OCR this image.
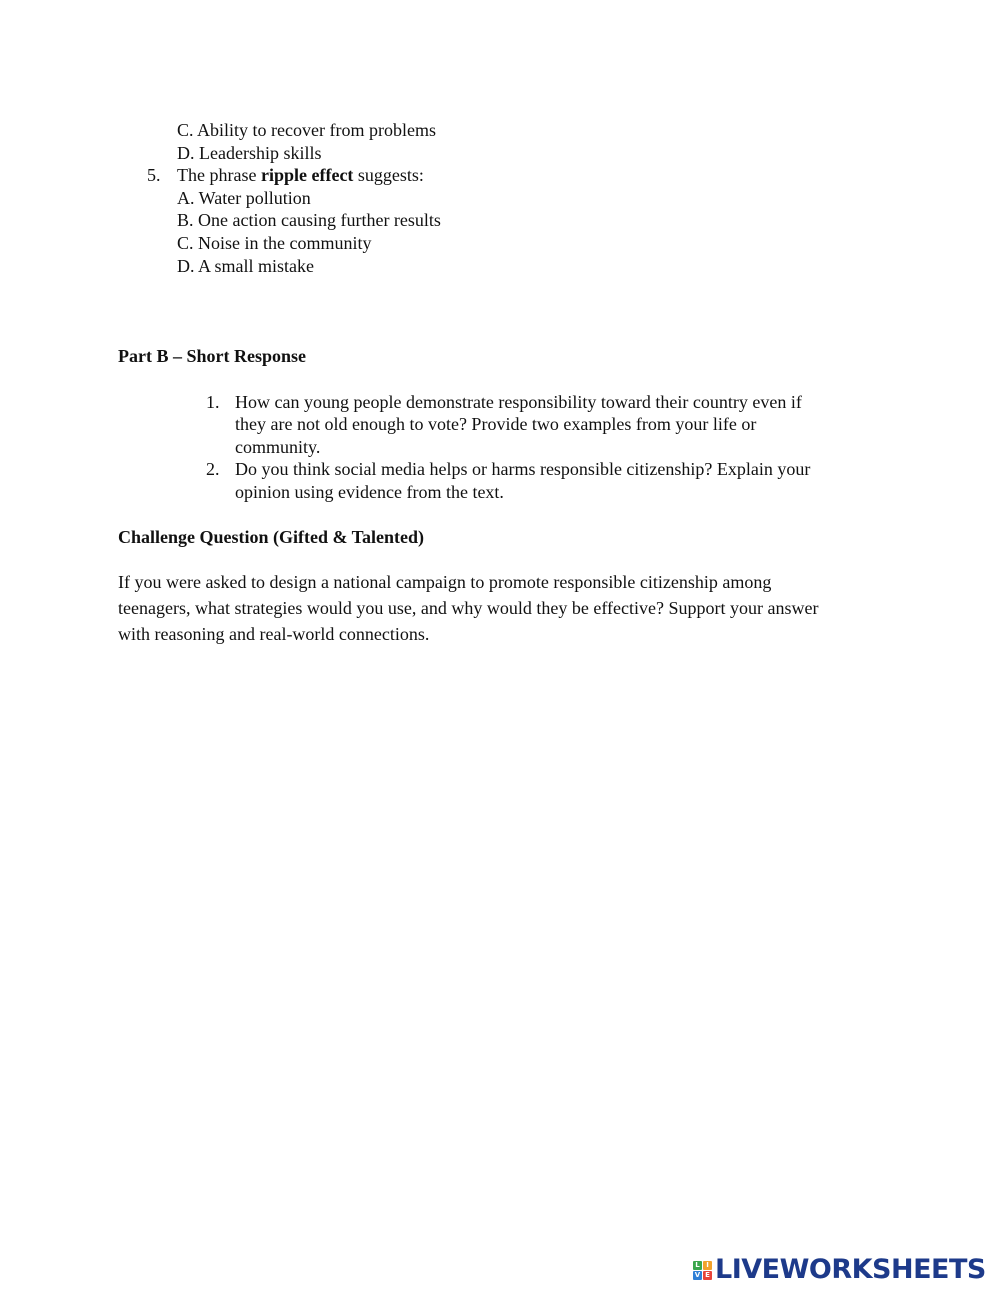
C. Ability to recover from problems
D. Leadership skills
5. The phrase ripple effect suggests:
A. Water pollution
B. One action causing further results
C. Noise in the community
D. A small mistake
Part B – Short Response
1. How can young people demonstrate responsibility toward their country even if
they are not old enough to vote? Provide two examples from your life or
community.
2. Do you think social media helps or harms responsible citizenship? Explain your
opinion using evidence from the text.
Challenge Question (Gifted & Talented)
If you were asked to design a national campaign to promote responsible citizenship among
teenagers, what strategies would you use, and why would they be effective? Support your answer
with reasoning and real-world connections.
L I
V E LIVEWORKSHEETS
